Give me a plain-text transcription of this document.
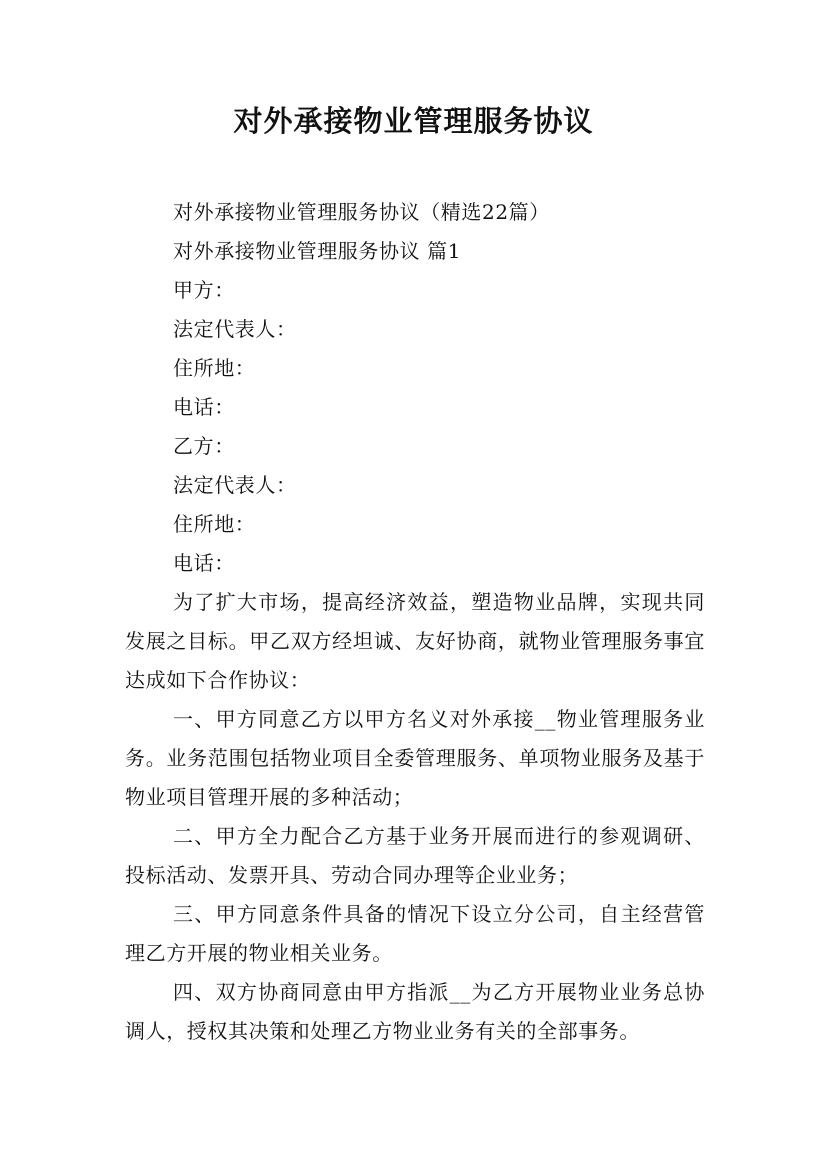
对外承接物业管理服务协议

对外承接物业管理服务协议（精选22篇）

对外承接物业管理服务协议 篇1

甲方：

法定代表人：

住所地：

电话：

乙方：

法定代表人：

住所地：

电话：

为了扩大市场，提高经济效益，塑造物业品牌，实现共同发展之目标。甲乙双方经坦诚、友好协商，就物业管理服务事宜达成如下合作协议：

一、甲方同意乙方以甲方名义对外承接__物业管理服务业务。业务范围包括物业项目全委管理服务、单项物业服务及基于物业项目管理开展的多种活动；

二、甲方全力配合乙方基于业务开展而进行的参观调研、投标活动、发票开具、劳动合同办理等企业业务；

三、甲方同意条件具备的情况下设立分公司，自主经营管理乙方开展的物业相关业务。

四、双方协商同意由甲方指派__为乙方开展物业业务总协调人，授权其决策和处理乙方物业业务有关的全部事务。
